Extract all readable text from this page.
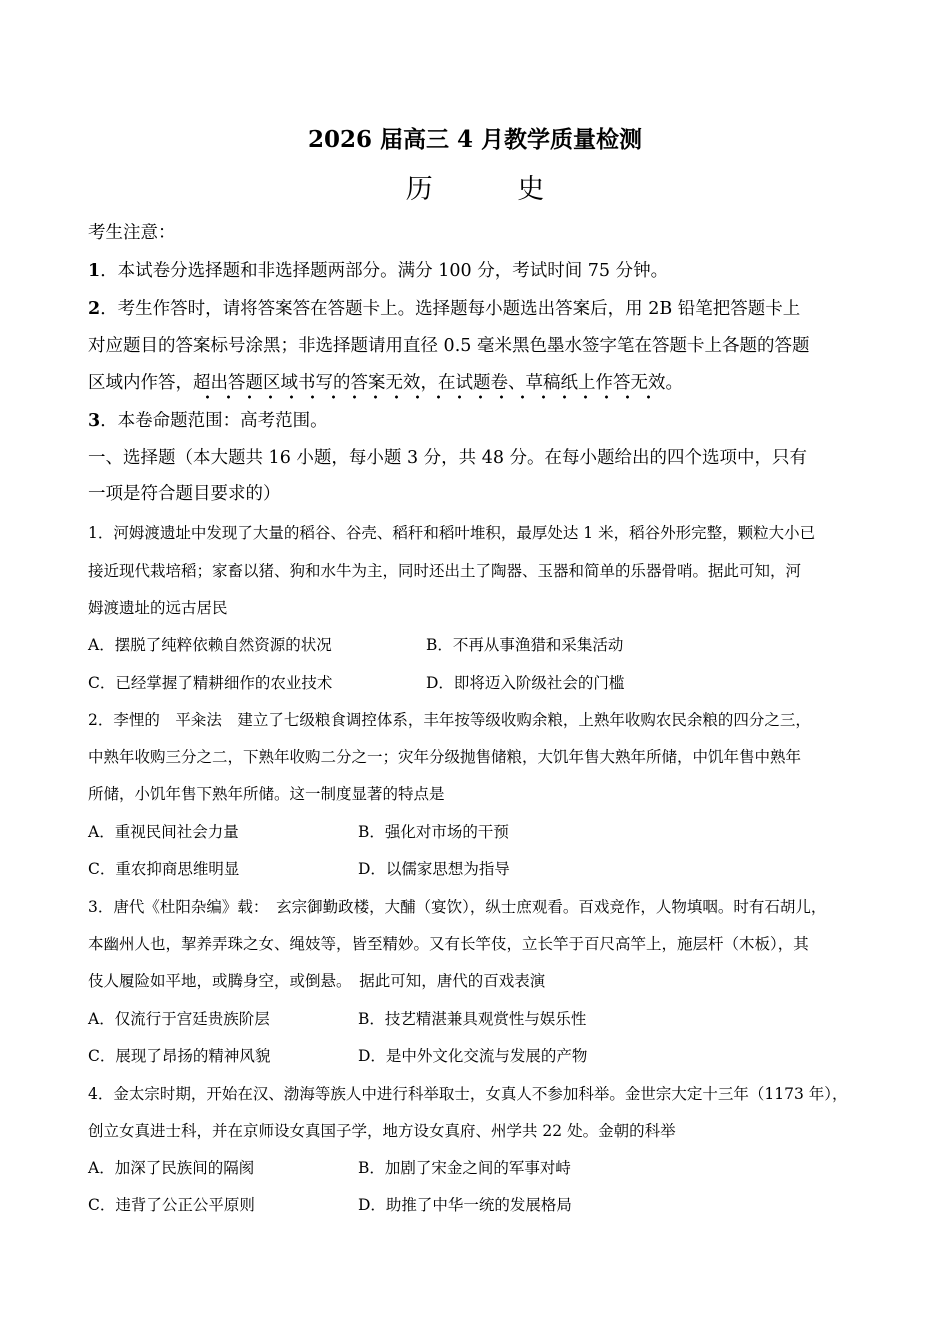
2026 届高三 4 月教学质量检测
历	史
考生注意：
1．本试卷分选择题和非选择题两部分。满分 100 分，考试时间 75 分钟。
2．考生作答时，请将答案答在答题卡上。选择题每小题选出答案后，用 2B 铅笔把答题卡上
对应题目的答案标号涂黑；非选择题请用直径 0.5 毫米黑色墨水签字笔在答题卡上各题的答题
区域内作答，超出答题区域书写的答案无效，在试题卷、草稿纸上作答无效。
3．本卷命题范围：高考范围。
一、选择题（本大题共 16 小题，每小题 3 分，共 48 分。在每小题给出的四个选项中，只有
一项是符合题目要求的）
1．河姆渡遗址中发现了大量的稻谷、谷壳、稻秆和稻叶堆积，最厚处达 1 米，稻谷外形完整，颗粒大小已
接近现代栽培稻；家畜以猪、狗和水牛为主，同时还出土了陶器、玉器和简单的乐器骨哨。据此可知，河
姆渡遗址的远古居民
A．摆脱了纯粹依赖自然资源的状况	B．不再从事渔猎和采集活动
C．已经掌握了精耕细作的农业技术	D．即将迈入阶级社会的门槛
2．李悝的　平籴法　建立了七级粮食调控体系，丰年按等级收购余粮，上熟年收购农民余粮的四分之三，
中熟年收购三分之二，下熟年收购二分之一；灾年分级抛售储粮，大饥年售大熟年所储，中饥年售中熟年
所储，小饥年售下熟年所储。这一制度显著的特点是
A．重视民间社会力量	B．强化对市场的干预
C．重农抑商思维明显	D．以儒家思想为指导
3．唐代《杜阳杂编》载：　玄宗御勤政楼，大酺（宴饮），纵士庶观看。百戏竞作，人物填咽。时有石胡儿，
本幽州人也，挈养弄珠之女、绳妓等，皆至精妙。又有长竿伎，立长竿于百尺高竿上，施层杆（木板），其
伎人履险如平地，或腾身空，或倒悬。　据此可知，唐代的百戏表演
A．仅流行于宫廷贵族阶层	B．技艺精湛兼具观赏性与娱乐性
C．展现了昂扬的精神风貌	D．是中外文化交流与发展的产物
4．金太宗时期，开始在汉、渤海等族人中进行科举取士，女真人不参加科举。金世宗大定十三年（1173 年），
创立女真进士科，并在京师设女真国子学，地方设女真府、州学共 22 处。金朝的科举
A．加深了民族间的隔阂	B．加剧了宋金之间的军事对峙
C．违背了公正公平原则	D．助推了中华一统的发展格局
